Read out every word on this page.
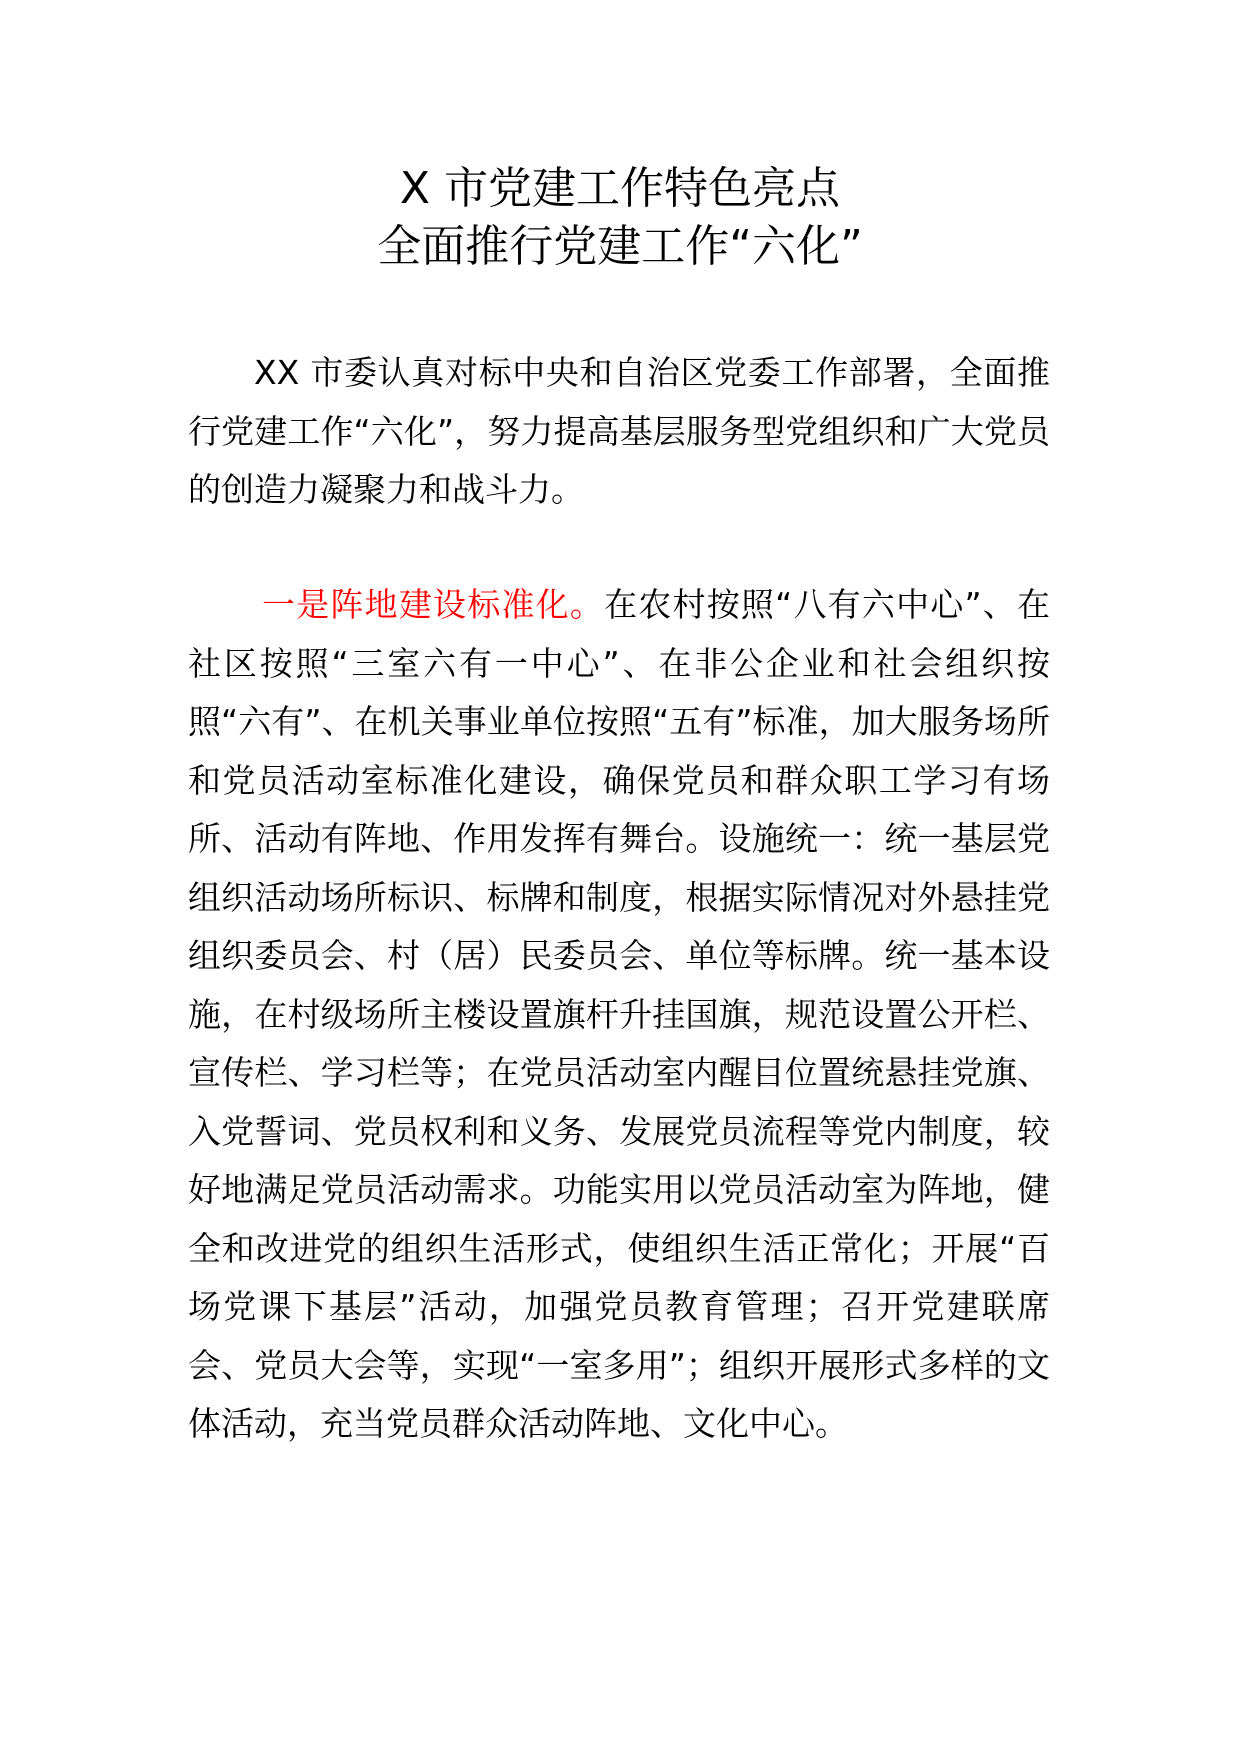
X 市党建工作特色亮点

全面推行党建工作“六化”

XX 市委认真对标中央和自治区党委工作部署，全面推行党建工作“六化”，努力提高基层服务型党组织和广大党员的创造力凝聚力和战斗力。

一是阵地建设标准化。在农村按照“八有六中心”、在社区按照“三室六有一中心”、在非公企业和社会组织按照“六有”、在机关事业单位按照“五有”标准，加大服务场所和党员活动室标准化建设，确保党员和群众职工学习有场所、活动有阵地、作用发挥有舞台。设施统一：统一基层党组织活动场所标识、标牌和制度，根据实际情况对外悬挂党组织委员会、村（居）民委员会、单位等标牌。统一基本设施，在村级场所主楼设置旗杆升挂国旗，规范设置公开栏、宣传栏、学习栏等；在党员活动室内醒目位置统悬挂党旗、入党誓词、党员权利和义务、发展党员流程等党内制度，较好地满足党员活动需求。功能实用以党员活动室为阵地，健全和改进党的组织生活形式，使组织生活正常化；开展“百场党课下基层”活动，加强党员教育管理；召开党建联席会、党员大会等，实现“一室多用”；组织开展形式多样的文体活动，充当党员群众活动阵地、文化中心。
